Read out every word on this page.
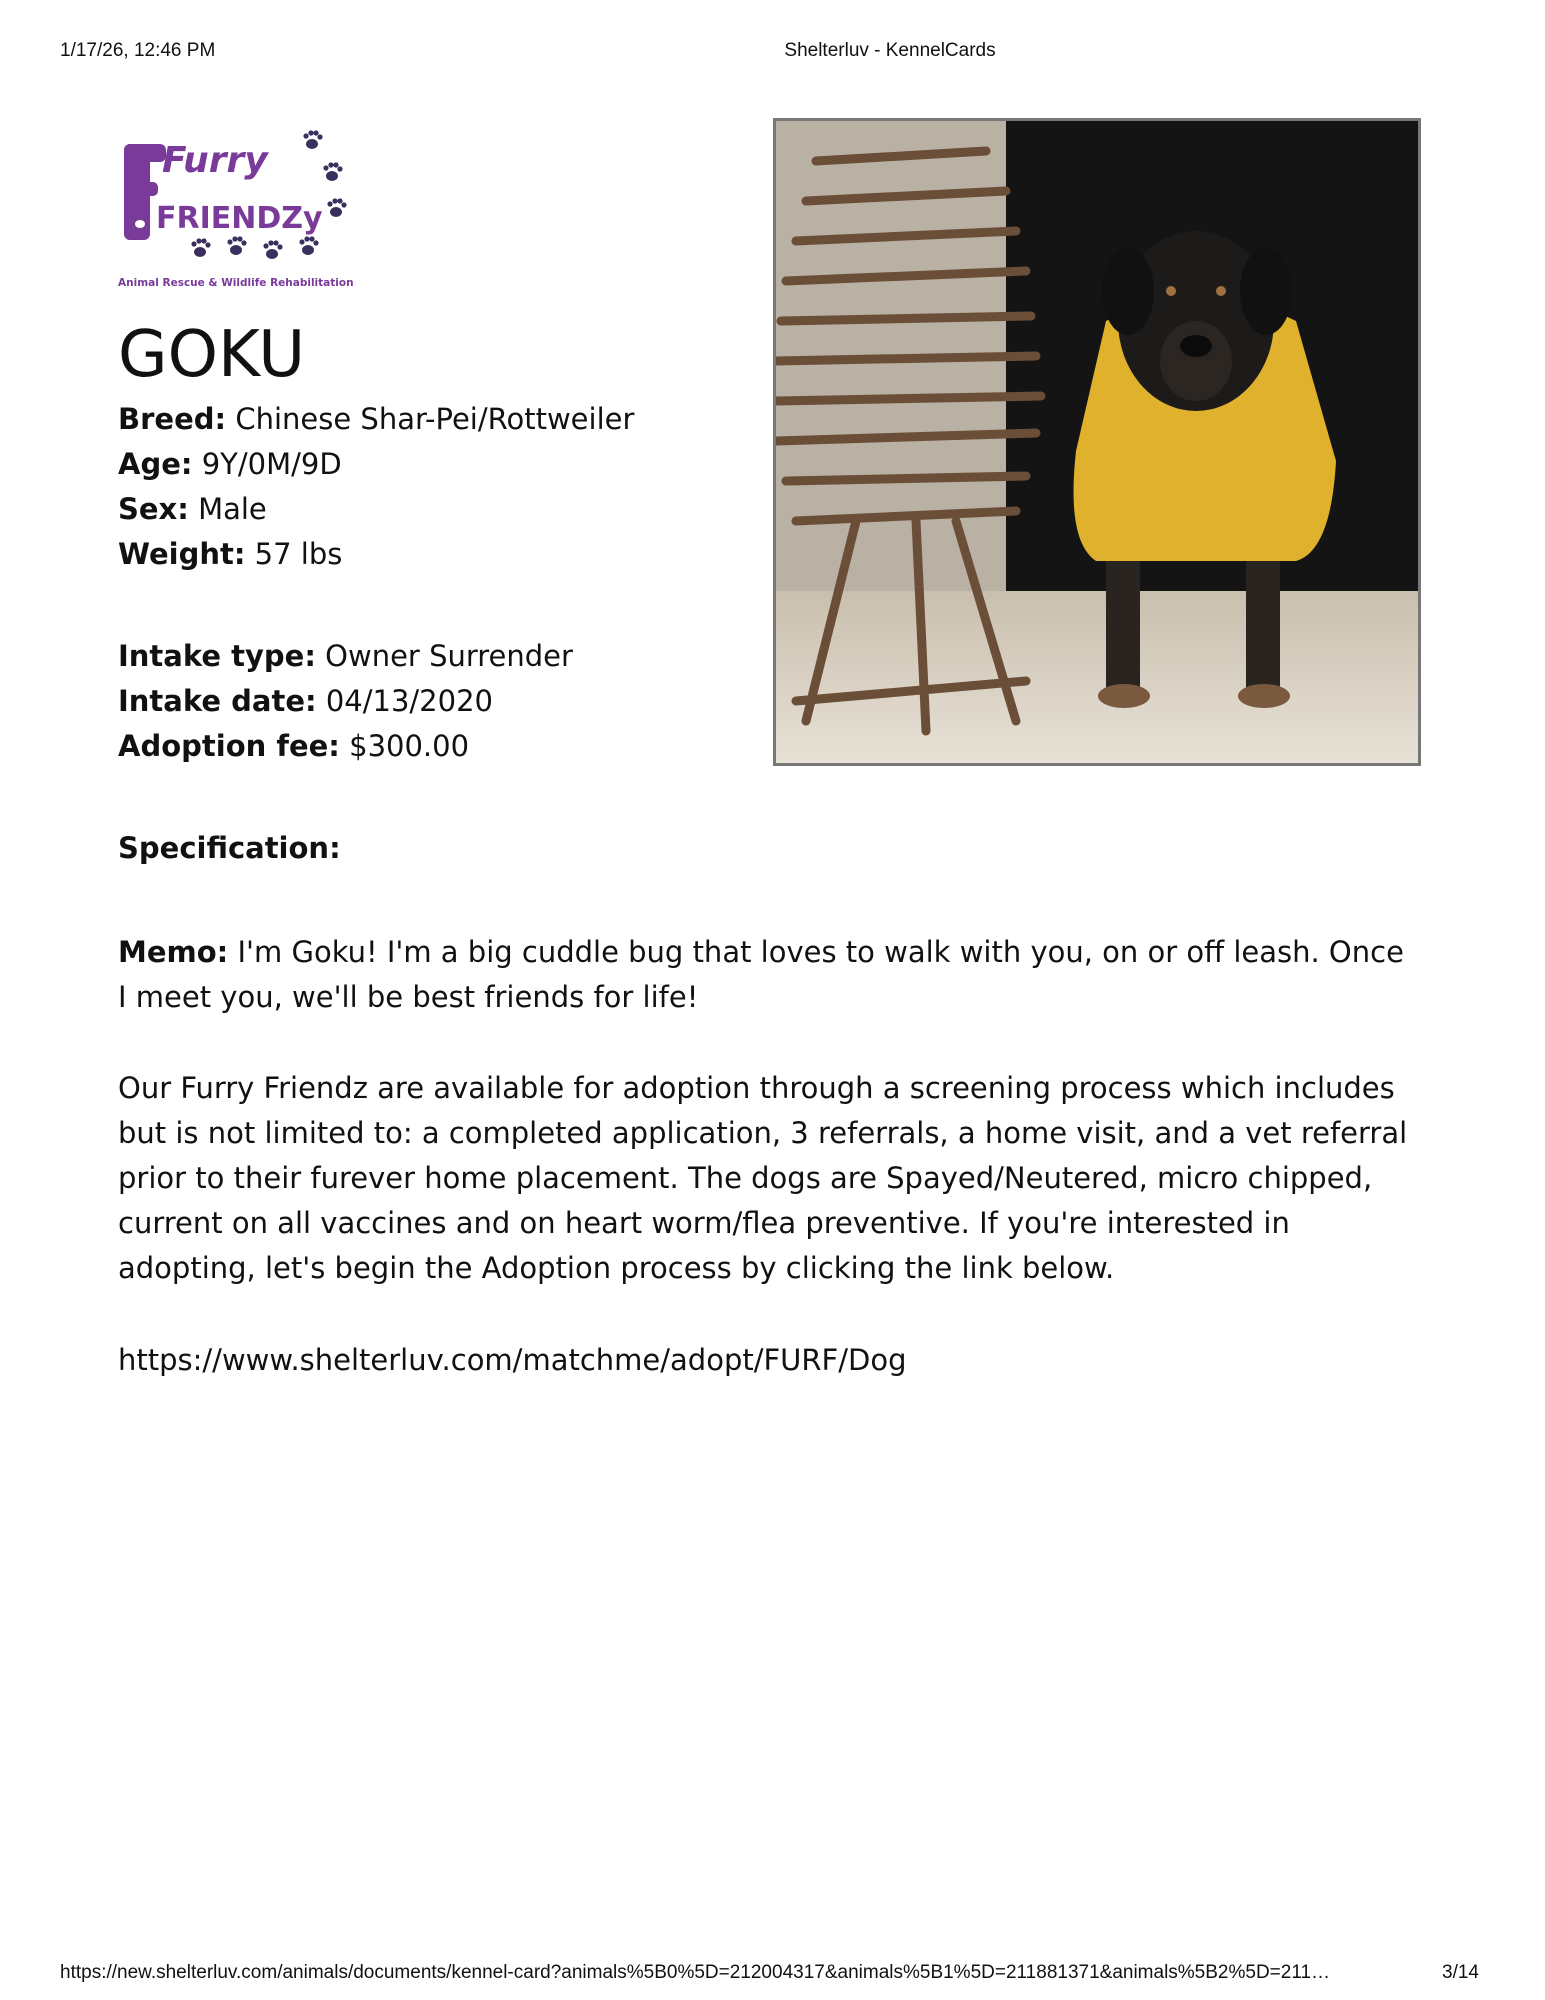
1/17/26, 12:46 PM	Shelterluv - KennelCards
Furry
FRIENDZy
Animal Rescue & Wildlife Rehabilitation
GOKU
Breed: Chinese Shar-Pei/Rottweiler
Age: 9Y/0M/9D
Sex: Male
Weight: 57 lbs
Intake type: Owner Surrender
Intake date: 04/13/2020
Adoption fee: $300.00
Specification:
Memo: I'm Goku! I'm a big cuddle bug that loves to walk with you, on or off leash. Once I meet you, we'll be best friends for life!
Our Furry Friendz are available for adoption through a screening process which includes but is not limited to: a completed application, 3 referrals, a home visit, and a vet referral prior to their furever home placement. The dogs are Spayed/Neutered, micro chipped, current on all vaccines and on heart worm/flea preventive. If you're interested in adopting, let's begin the Adoption process by clicking the link below.
https://www.shelterluv.com/matchme/adopt/FURF/Dog
https://new.shelterluv.com/animals/documents/kennel-card?animals%5B0%5D=212004317&animals%5B1%5D=211881371&animals%5B2%5D=211…	3/14
